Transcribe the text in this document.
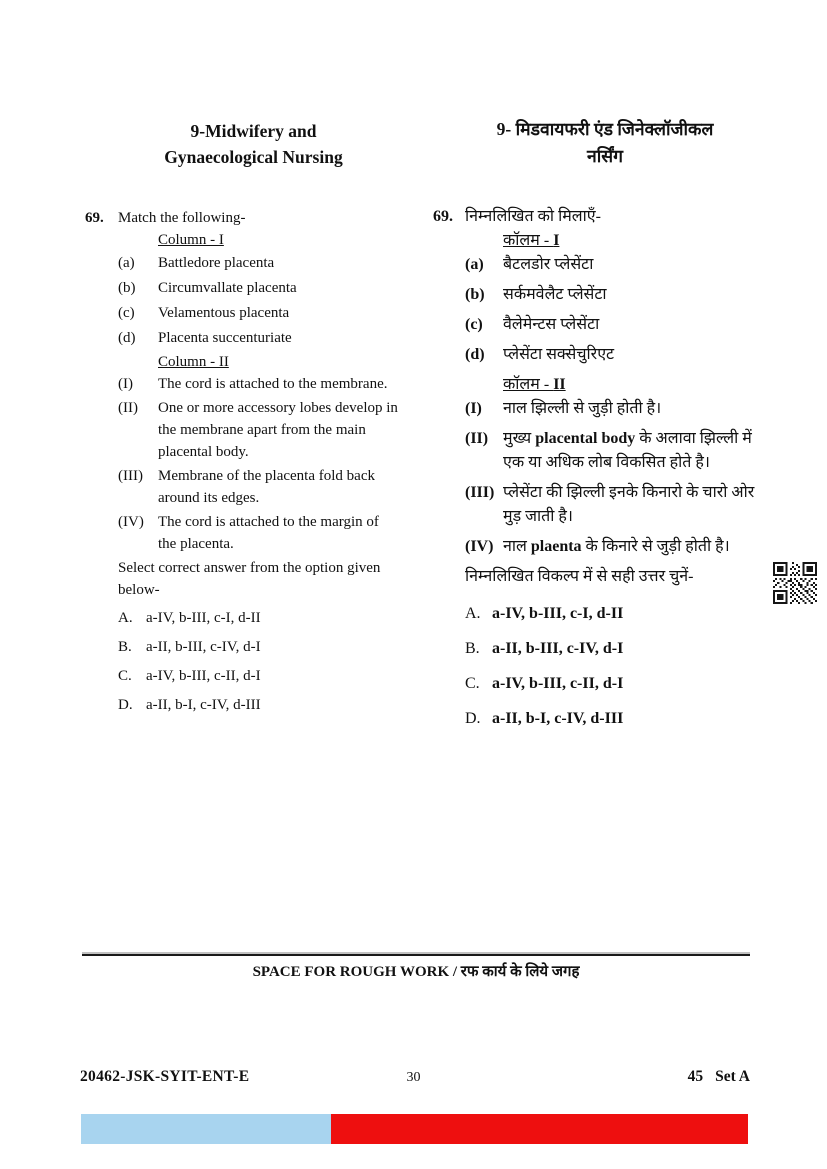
9-Midwifery and
Gynaecological Nursing
69. Match the following-
Column - I
(a)	Battledore placenta
(b)	Circumvallate placenta
(c)	Velamentous placenta
(d)	Placenta succenturiate
Column - II
(I)	The cord is attached to the membrane.
(II)	One or more accessory lobes develop in the membrane apart from the main placental body.
(III)	Membrane of the placenta fold back around its edges.
(IV) The cord is attached to the margin of the placenta.
Select correct answer from the option given below-
A. a-IV, b-III, c-I, d-II
B. a-II, b-III, c-IV, d-I
C. a-IV, b-III, c-II, d-I
D. a-II, b-I, c-IV, d-III
9- मिडवायफरी एंड जिनेक्लॉजीकल
नर्सिंग
69. निम्नलिखित को मिलाएँ-
कॉलम - I
(a)	बैटलडोर प्लेसेंटा
(b)	सर्कमवेलैट प्लेसेंटा
(c)	वैलेमेन्टस प्लेसेंटा
(d)	प्लेसेंटा सक्सेचुरिएट
कॉलम - II
(I)	नाल झिल्ली से जुड़ी होती है।
(II) मुख्य placental body के अलावा झिल्ली में एक या अधिक लोब विकसित होते है।
(III) प्लेसेंटा की झिल्ली इनके किनारो के चारो ओर मुड़ जाती है।
(IV) नाल plaenta के किनारे से जुड़ी होती है।
निम्नलिखित विकल्प में से सही उत्तर चुनें-
A. a-IV, b-III, c-I, d-II
B. a-II, b-III, c-IV, d-I
C. a-IV, b-III, c-II, d-I
D. a-II, b-I, c-IV, d-III
SPACE FOR ROUGH WORK / रफ कार्य के लिये जगह
20462-JSK-SYIT-ENT-E	30	45 Set A
